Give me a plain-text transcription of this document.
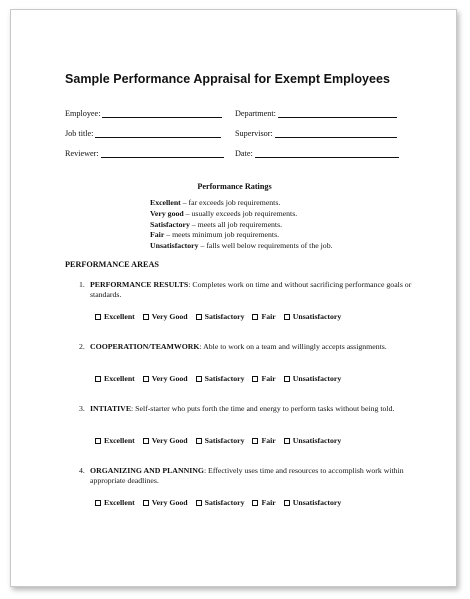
Sample Performance Appraisal for Exempt Employees
Employee:	Department:
Job title:	Supervisor:
Reviewer:	Date:
Performance Ratings
Excellent – far exceeds job requirements.
Very good – usually exceeds job requirements.
Satisfactory – meets all job requirements.
Fair – meets minimum job requirements.
Unsatisfactory – falls well below requirements of the job.
PERFORMANCE AREAS
1. PERFORMANCE RESULTS: Completes work on time and without sacrificing performance goals or standards.
Excellent Very Good Satisfactory Fair Unsatisfactory
2. COOPERATION/TEAMWORK: Able to work on a team and willingly accepts assignments.
Excellent Very Good Satisfactory Fair Unsatisfactory
3. INTIATIVE: Self-starter who puts forth the time and energy to perform tasks without being told.
Excellent Very Good Satisfactory Fair Unsatisfactory
4. ORGANIZING AND PLANNING: Effectively uses time and resources to accomplish work within appropriate deadlines.
Excellent Very Good Satisfactory Fair Unsatisfactory
